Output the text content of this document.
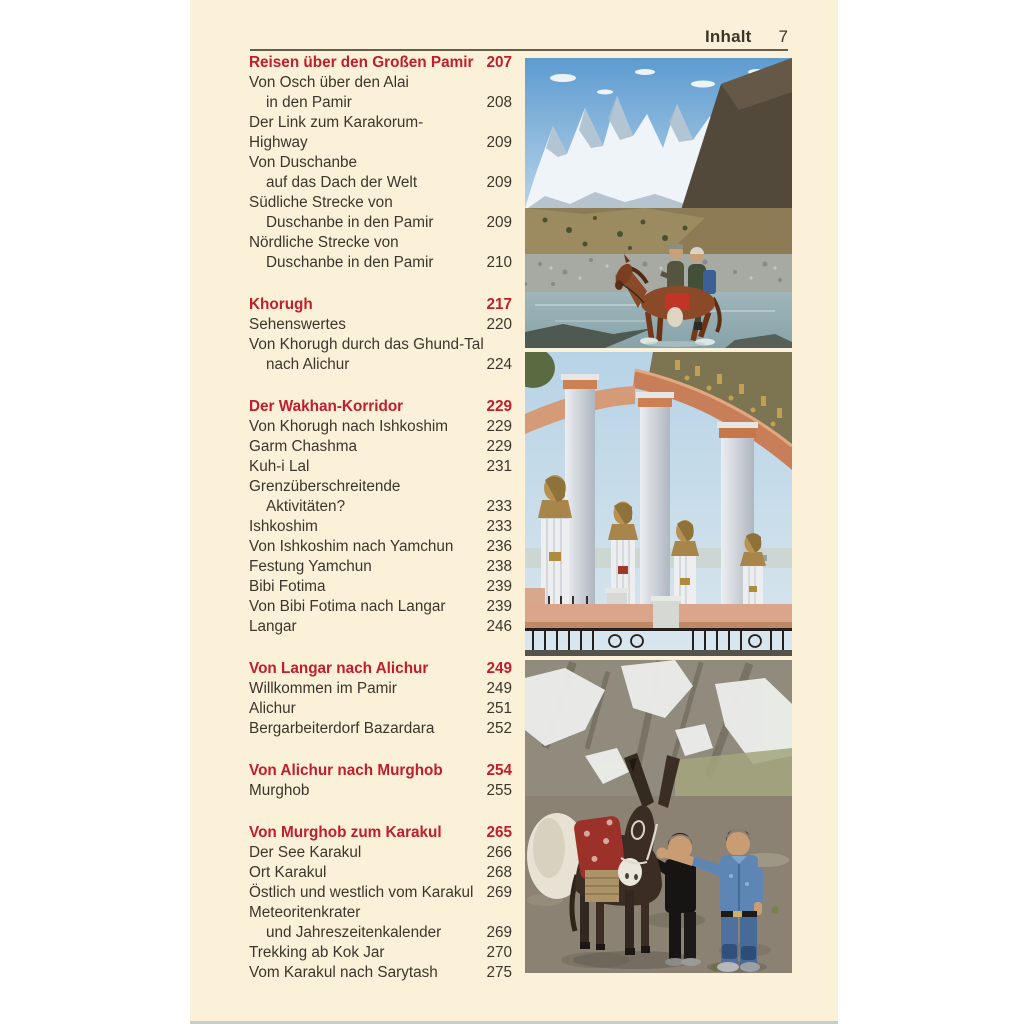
Inhalt 7
Reisen über den Großen Pamir 207
Von Osch über den Alai
in den Pamir	208
Der Link zum Karakorum-
Highway	209
Von Duschanbe
auf das Dach der Welt	209
Südliche Strecke von
Duschanbe in den Pamir	209
Nördliche Strecke von
Duschanbe in den Pamir	210
Khorugh	217
Sehenswertes	220
Von Khorugh durch das Ghund-Tal
nach Alichur	224
Der Wakhan-Korridor	229
Von Khorugh nach Ishkoshim	229
Garm Chashma	229
Kuh-i Lal	231
Grenzüberschreitende
Aktivitäten?	233
Ishkoshim	233
Von Ishkoshim nach Yamchun	236
Festung Yamchun	238
Bibi Fotima	239
Von Bibi Fotima nach Langar	239
Langar	246
Von Langar nach Alichur	249
Willkommen im Pamir	249
Alichur	251
Bergarbeiterdorf Bazardara	252
Von Alichur nach Murghob	254
Murghob	255
Von Murghob zum Karakul	265
Der See Karakul	266
Ort Karakul	268
Östlich und westlich vom Karakul 269
Meteoritenkrater
und Jahreszeitenkalender	269
Trekking ab Kok Jar	270
Vom Karakul nach Sarytash	275
